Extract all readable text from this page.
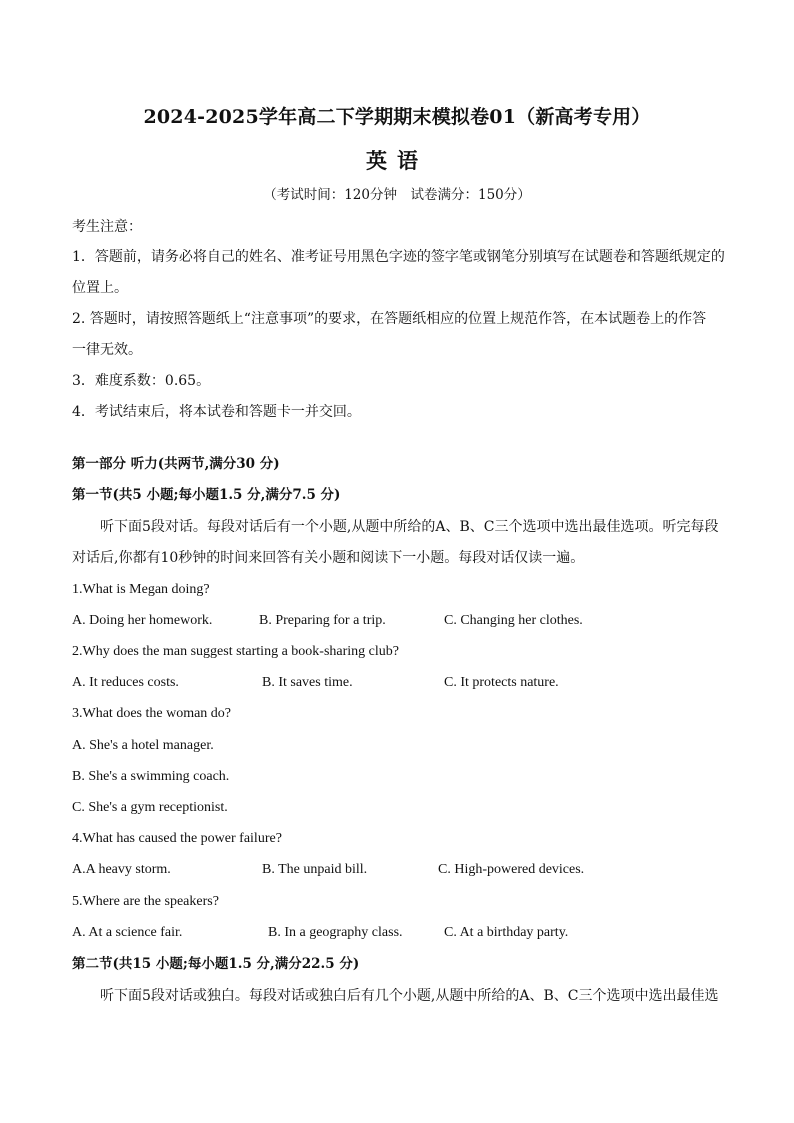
2024-2025学年高二下学期期末模拟卷01（新高考专用）
英语
（考试时间：120分钟　试卷满分：150分）
考生注意：
1．答题前，请务必将自己的姓名、准考证号用黑色字迹的签字笔或钢笔分别填写在试题卷和答题纸规定的
位置上。
2. 答题时，请按照答题纸上“注意事项”的要求，在答题纸相应的位置上规范作答，在本试题卷上的作答
一律无效。
3．难度系数：0.65。
4．考试结束后，将本试卷和答题卡一并交回。
第一部分 听力(共两节,满分30 分)
第一节(共5 小题;每小题1.5 分,满分7.5 分)
听下面5段对话。每段对话后有一个小题,从题中所给的A、B、C三个选项中选出最佳选项。听完每段
对话后,你都有10秒钟的时间来回答有关小题和阅读下一小题。每段对话仅读一遍。
1.What is Megan doing?
A. Doing her homework.	B. Preparing for a trip.	C. Changing her clothes.
2.Why does the man suggest starting a book-sharing club?
A. It reduces costs.	B. It saves time.	C. It protects nature.
3.What does the woman do?
A. She's a hotel manager.
B. She's a swimming coach.
C. She's a gym receptionist.
4.What has caused the power failure?
A.A heavy storm.	B. The unpaid bill.	C. High-powered devices.
5.Where are the speakers?
A. At a science fair.	B. In a geography class.	C. At a birthday party.
第二节(共15 小题;每小题1.5 分,满分22.5 分)
听下面5段对话或独白。每段对话或独白后有几个小题,从题中所给的A、B、C三个选项中选出最佳选
